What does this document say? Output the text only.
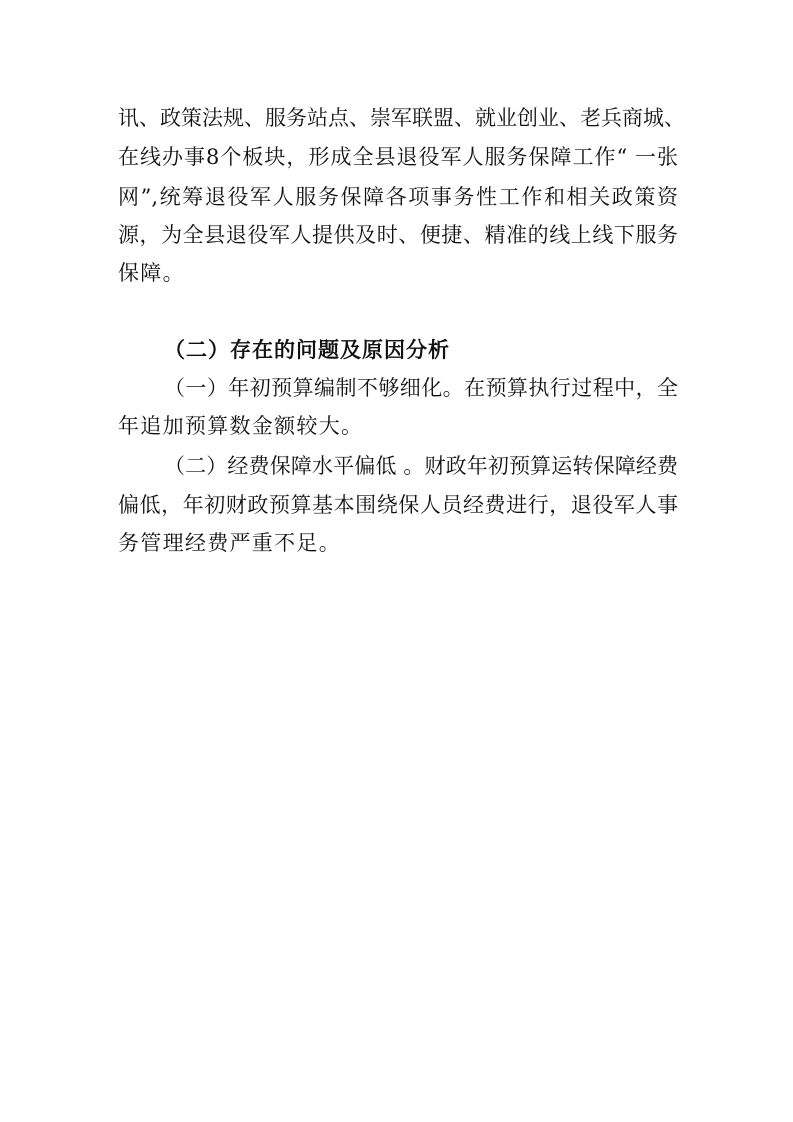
讯、政策法规、服务站点、崇军联盟、就业创业、老兵商城、
在线办事8个板块，形成全县退役军人服务保障工作“ 一张
网”,统筹退役军人服务保障各项事务性工作和相关政策资
源，为全县退役军人提供及时、便捷、精准的线上线下服务
保障。
（二）存在的问题及原因分析
（一）年初预算编制不够细化。在预算执行过程中，全
年追加预算数金额较大。
（二）经费保障水平偏低 。财政年初预算运转保障经费
偏低，年初财政预算基本围绕保人员经费进行，退役军人事
务管理经费严重不足。
